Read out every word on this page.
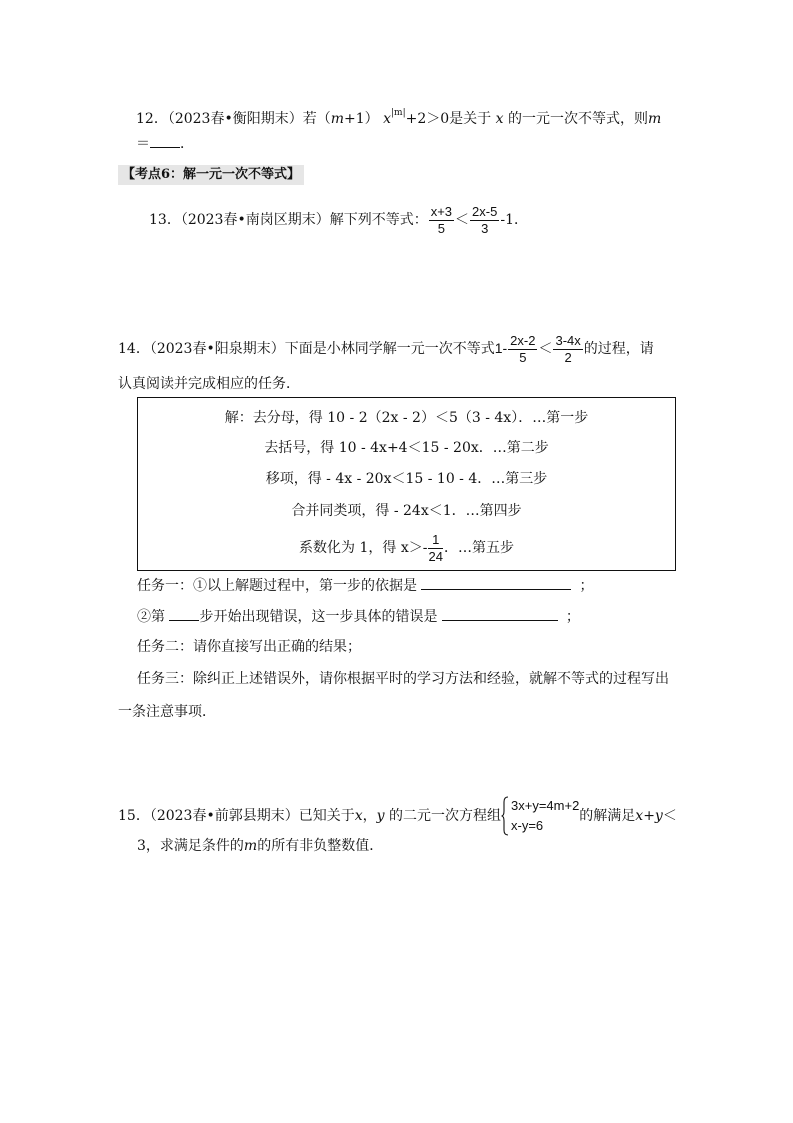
12．（2023春•衡阳期末）若（m+1） $x^{|m|}+2>0$是关于 x 的一元一次不等式，则m
＝ ．
【考点6：解一元一次不等式】
13．（2023春•南岗区期末）解下列不等式： $\frac{x+3}{5} < \frac{2x-5}{3} -1$．
14．（2023春•阳泉期末）下面是小林同学解一元一次不等式$1- \frac{2x-2}{5} < \frac{3-4x}{2}$ 的过程，请
认真阅读并完成相应的任务．
解：去分母，得 10 - 2（2x - 2）＜5（3 - 4x）．…第一步
去括号，得 10 - 4x+4＜15 - 20x．…第二步
移项，得 - 4x - 20x＜15 - 10 - 4．…第三步
合并同类项，得 - 24x＜1．…第四步
系数化为 1，得 $x>- \frac{1}{24}$ ．…第五步
任务一：①以上解题过程中，第一步的依据是	；
②第 步开始出现错误，这一步具体的错误是	；
任务二：请你直接写出正确的结果；
任务三：除纠正上述错误外，请你根据平时的学习方法和经验，就解不等式的过程写出
一条注意事项．
15．（2023春•前郭县期末）已知关于x，y 的二元一次方程组
3x+y=4m+2
x-y=6
的解满足x+y＜
3，求满足条件的m的所有非负整数值．
